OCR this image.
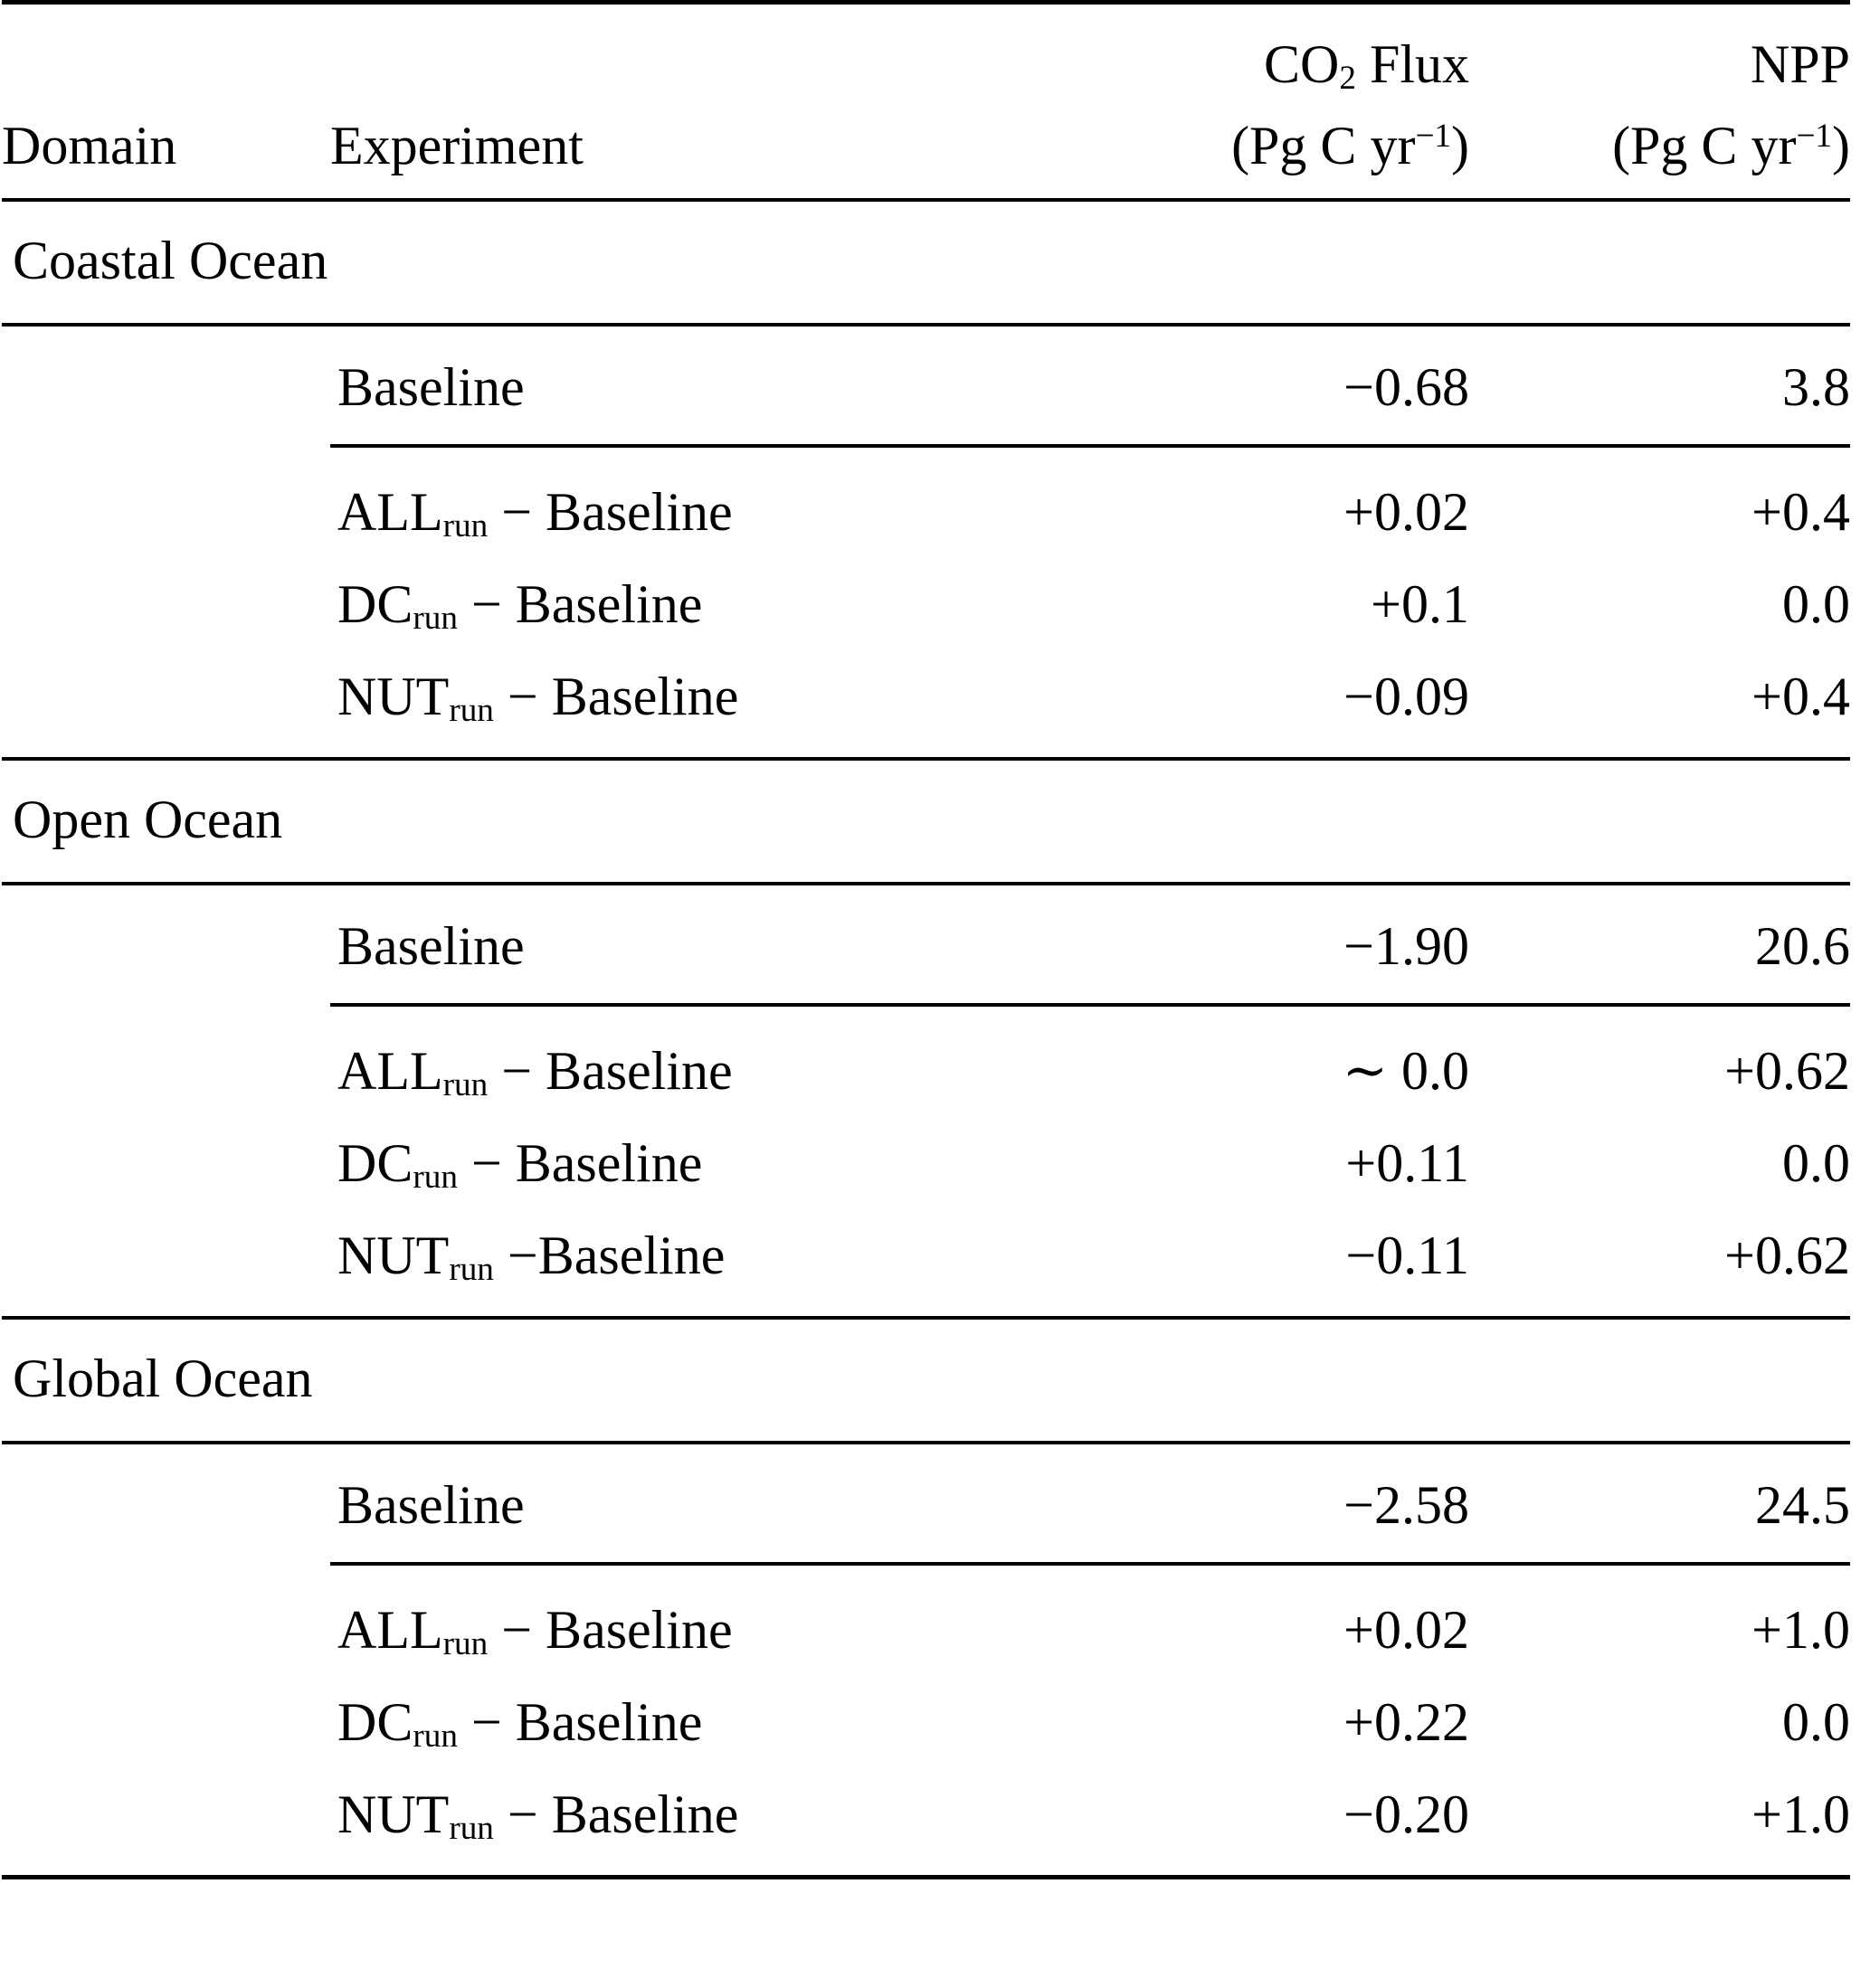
		$CO_2$ Flux	NPP
Domain	Experiment	(Pg C $yr^{-1}$)	(Pg C $yr^{-1}$)

Coastal Ocean			

	Baseline	−0.68	3.8

	$ALL_{run}$ − Baseline	+0.02	+0.4
	$DC_{run}$ − Baseline	+0.1	0.0
	$NUT_{run}$ − Baseline	−0.09	+0.4

Open Ocean			

	Baseline	−1.90	20.6

	$ALL_{run}$ − Baseline	∼ 0.0	+0.62
	$DC_{run}$ − Baseline	+0.11	0.0
	$NUT_{run}$ −Baseline	−0.11	+0.62

Global Ocean			

	Baseline	−2.58	24.5

	$ALL_{run}$ − Baseline	+0.02	+1.0
	$DC_{run}$ − Baseline	+0.22	0.0
	$NUT_{run}$ − Baseline	−0.20	+1.0
